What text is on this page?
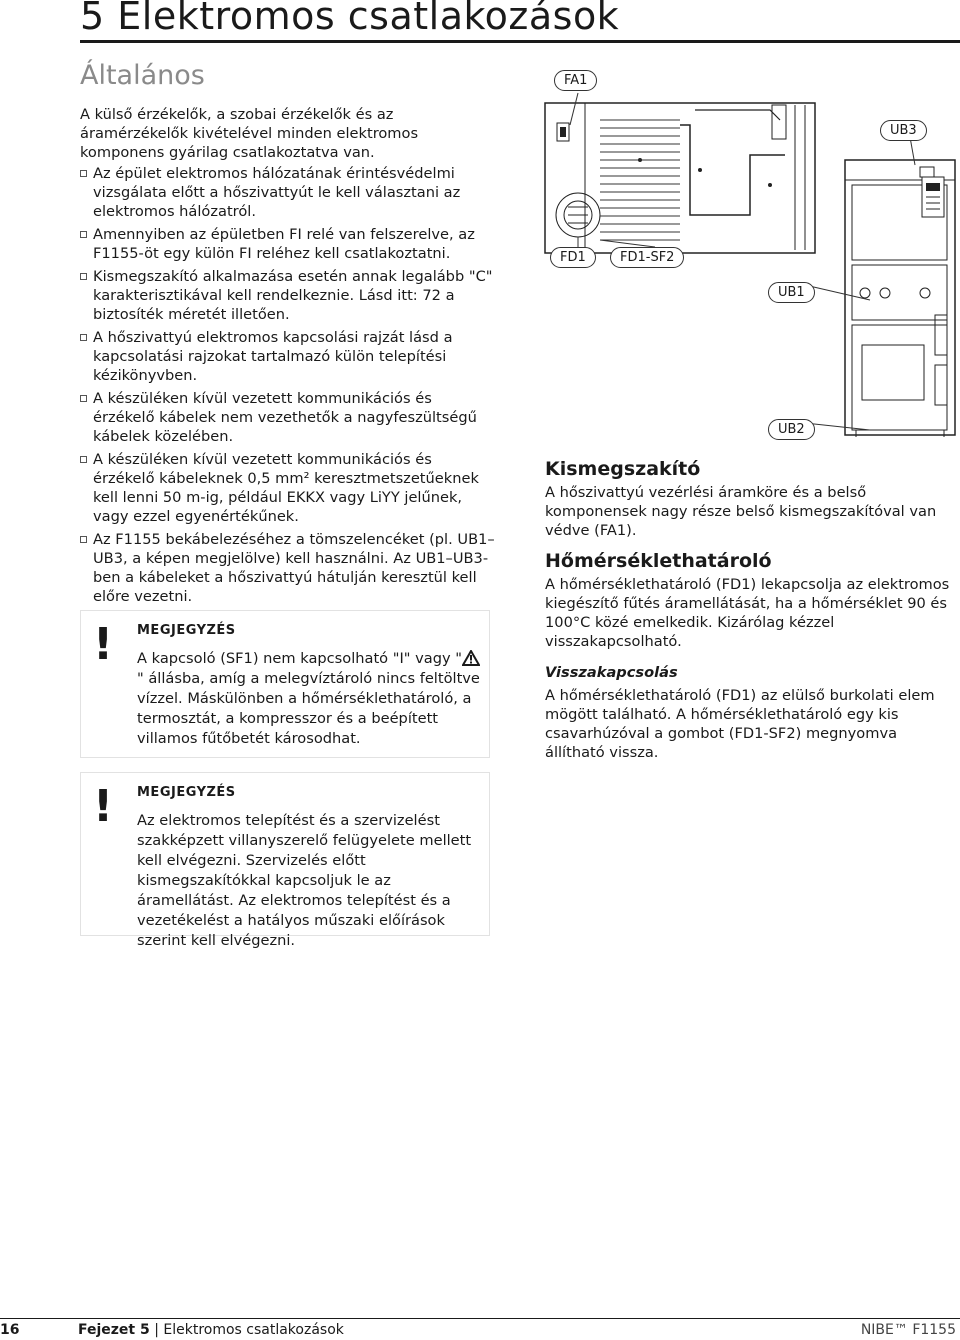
5 Elektromos csatlakozások
Általános

A külső érzékelők, a szobai érzékelők és az áramérzékelők kivételével minden elektromos komponens gyárilag csatlakoztatva van.

Az épület elektromos hálózatának érintésvédelmi vizsgálata előtt a hőszivattyút le kell választani az elektromos hálózatról.
Amennyiben az épületben FI relé van felszerelve, az F1155-öt egy külön FI reléhez kell csatlakoztatni.
Kismegszakító alkalmazása esetén annak legalább "C" karakterisztikával kell rendelkeznie. Lásd itt: 72 a biztosíték méretét illetően.
A hőszivattyú elektromos kapcsolási rajzát lásd a kapcsolatási rajzokat tartalmazó külön telepítési kézikönyvben.
A készüléken kívül vezetett kommunikációs és érzékelő kábelek nem vezethetők a nagyfeszültségű kábelek közelében.
A készüléken kívül vezetett kommunikációs és érzékelő kábeleknek 0,5 mm² keresztmetszetűeknek kell lenni 50 m-ig, például EKKX vagy LiYY jelűnek, vagy ezzel egyenértékűnek.
Az F1155 bekábelezéséhez a tömszelencéket (pl. UB1–UB3, a képen megjelölve) kell használni. Az UB1–UB3-ben a kábeleket a hőszivattyú hátulján keresztül kell előre vezetni.
! MEGJEGYZÉS
A kapcsoló (SF1) nem kapcsolható "I" vagy "" állásba, amíg a melegvíztároló nincs feltöltve vízzel. Máskülönben a hőmérséklethatároló, a termosztát, a kompresszor és a beépített villamos fűtőbetét károsodhat.
! MEGJEGYZÉS
Az elektromos telepítést és a szervizelést szakképzett villanyszerelő felügyelete mellett kell elvégezni. Szervizelés előtt kismegszakítókkal kapcsoljuk le az áramellátást. Az elektromos telepítést és a vezetékelést a hatályos műszaki előírások szerint kell elvégezni.
FA1
UB3
FD1	FD1-SF2
UB1
UB2
Kismegszakító

A hőszivattyú vezérlési áramköre és a belső komponensek nagy része belső kismegszakítóval van védve (FA1).

Hőmérséklethatároló

A hőmérséklethatároló (FD1) lekapcsolja az elektromos kiegészítő fűtés áramellátását, ha a hőmérséklet 90 és 100°C közé emelkedik. Kizárólag kézzel visszakapcsolható.

Visszakapcsolás

A hőmérséklethatároló (FD1) az elülső burkolati elem mögött található. A hőmérséklethatároló egy kis csavarhúzóval a gombot (FD1-SF2) megnyomva állítható vissza.

16	Fejezet 5 | Elektromos csatlakozások	NIBE™ F1155
